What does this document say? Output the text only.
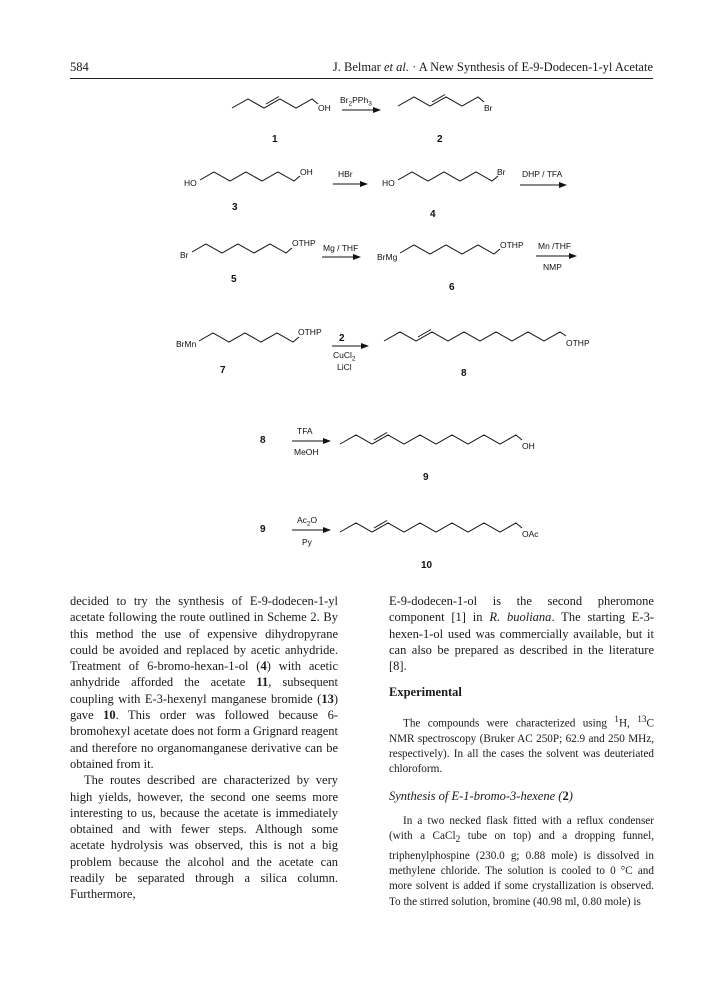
584	J. Belmar et al. · A New Synthesis of E-9-Dodecen-1-yl Acetate
OH
1
$Br_2PPh_3$	Br
2
HO
OH
3
HBr
HO
Br
4
DHP / TFA
Br
OTHP
5
Mg / THF
BrMg
OTHP
6
Mn /THF
NMP
BrMn
OTHP
7
2
CuCl$_2$
LiCl
OTHP
8
8
TFA
MeOH
OH
9
9
$Ac_2O$
Py
OAc
10

decided to try the synthesis of E-9-dodecen-1-yl acetate following the route outlined in Scheme 2. By this method the use of expensive dihydropyrane could be avoided and replaced by acetic anhydride. Treatment of 6-bromo-hexan-1-ol (4) with acetic anhydride afforded the acetate 11, subsequent coupling with E-3-hexenyl manganese bromide (13) gave 10. This order was followed because 6-bromohexyl acetate does not form a Grignard reagent and therefore no organomanganese derivative can be obtained from it.

The routes described are characterized by very high yields, however, the second one seems more interesting to us, because the acetate is immediately obtained and with fewer steps. Although some acetate hydrolysis was observed, this is not a big problem because the alcohol and the acetate can readily be separated through a silica column. Furthermore,

E-9-dodecen-1-ol is the second pheromone component [1] in R. buoliana. The starting E-3-hexen-1-ol used was commercially available, but it can also be prepared as described in the literature [8].

Experimental

The compounds were characterized using $^1$H, $^{13}$C NMR spectroscopy (Bruker AC 250P; 62.9 and 250 MHz, respectively). In all the cases the solvent was deuteriated chloroform.

Synthesis of E-1-bromo-3-hexene (2)

In a two necked flask fitted with a reflux condenser (with a CaCl$_2$ tube on top) and a dropping funnel, triphenylphospine (230.0 g; 0.88 mole) is dissolved in methylene chloride. The solution is cooled to 0 °C and more solvent is added if some crystallization is observed. To the stirred solution, bromine (40.98 ml, 0.80 mole) is
